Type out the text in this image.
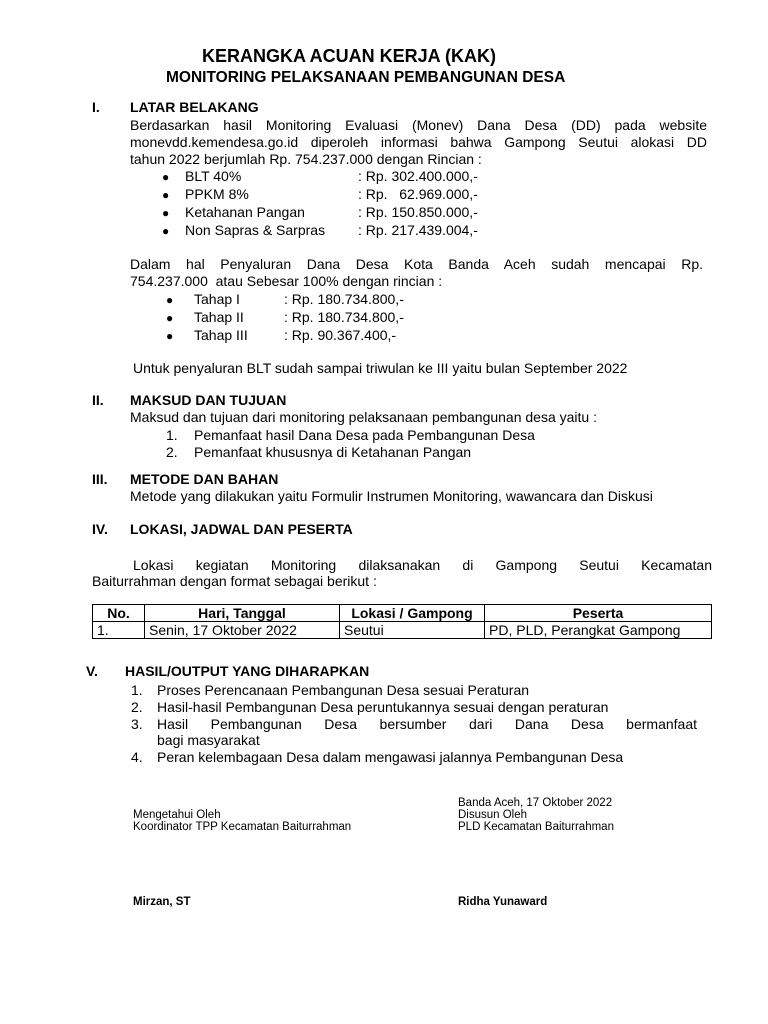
KERANGKA ACUAN KERJA (KAK)
MONITORING PELAKSANAAN PEMBANGUNAN DESA
I. LATAR BELAKANG
Berdasarkan hasil Monitoring Evaluasi (Monev) Dana Desa (DD) pada website
monevdd.kemendesa.go.id diperoleh informasi bahwa Gampong Seutui alokasi DD
tahun 2022 berjumlah Rp. 754.237.000 dengan Rincian :
● BLT 40%	: Rp. 302.400.000,-
● PPKM 8%	: Rp.   62.969.000,-
● Ketahanan Pangan	: Rp. 150.850.000,-
● Non Sapras & Sarpras : Rp. 217.439.004,-
Dalam hal Penyaluran Dana Desa Kota Banda Aceh sudah mencapai Rp.
754.237.000  atau Sebesar 100% dengan rincian :
● Tahap I	: Rp. 180.734.800,-
● Tahap II	: Rp. 180.734.800,-
● Tahap III	: Rp. 90.367.400,-
Untuk penyaluran BLT sudah sampai triwulan ke III yaitu bulan September 2022
II. MAKSUD DAN TUJUAN
Maksud dan tujuan dari monitoring pelaksanaan pembangunan desa yaitu :
1. Pemanfaat hasil Dana Desa pada Pembangunan Desa
2. Pemanfaat khususnya di Ketahanan Pangan
III. METODE DAN BAHAN
Metode yang dilakukan yaitu Formulir Instrumen Monitoring, wawancara dan Diskusi
IV. LOKASI, JADWAL DAN PESERTA
Lokasi kegiatan Monitoring dilaksanakan di Gampong Seutui Kecamatan
Baiturrahman dengan format sebagai berikut :
No.	Hari, Tanggal	Lokasi / Gampong	Peserta
1.	Senin, 17 Oktober 2022	Seutui	PD, PLD, Perangkat Gampong
V. HASIL/OUTPUT YANG DIHARAPKAN
1. Proses Perencanaan Pembangunan Desa sesuai Peraturan
2. Hasil-hasil Pembangunan Desa peruntukannya sesuai dengan peraturan
3. Hasil Pembangunan Desa bersumber dari Dana Desa bermanfaat
bagi masyarakat
4. Peran kelembagaan Desa dalam mengawasi jalannya Pembangunan Desa
Banda Aceh, 17 Oktober 2022
Mengetahui Oleh	Disusun Oleh
Koordinator TPP Kecamatan Baiturrahman	PLD Kecamatan Baiturrahman
Mirzan, ST	Ridha Yunaward
